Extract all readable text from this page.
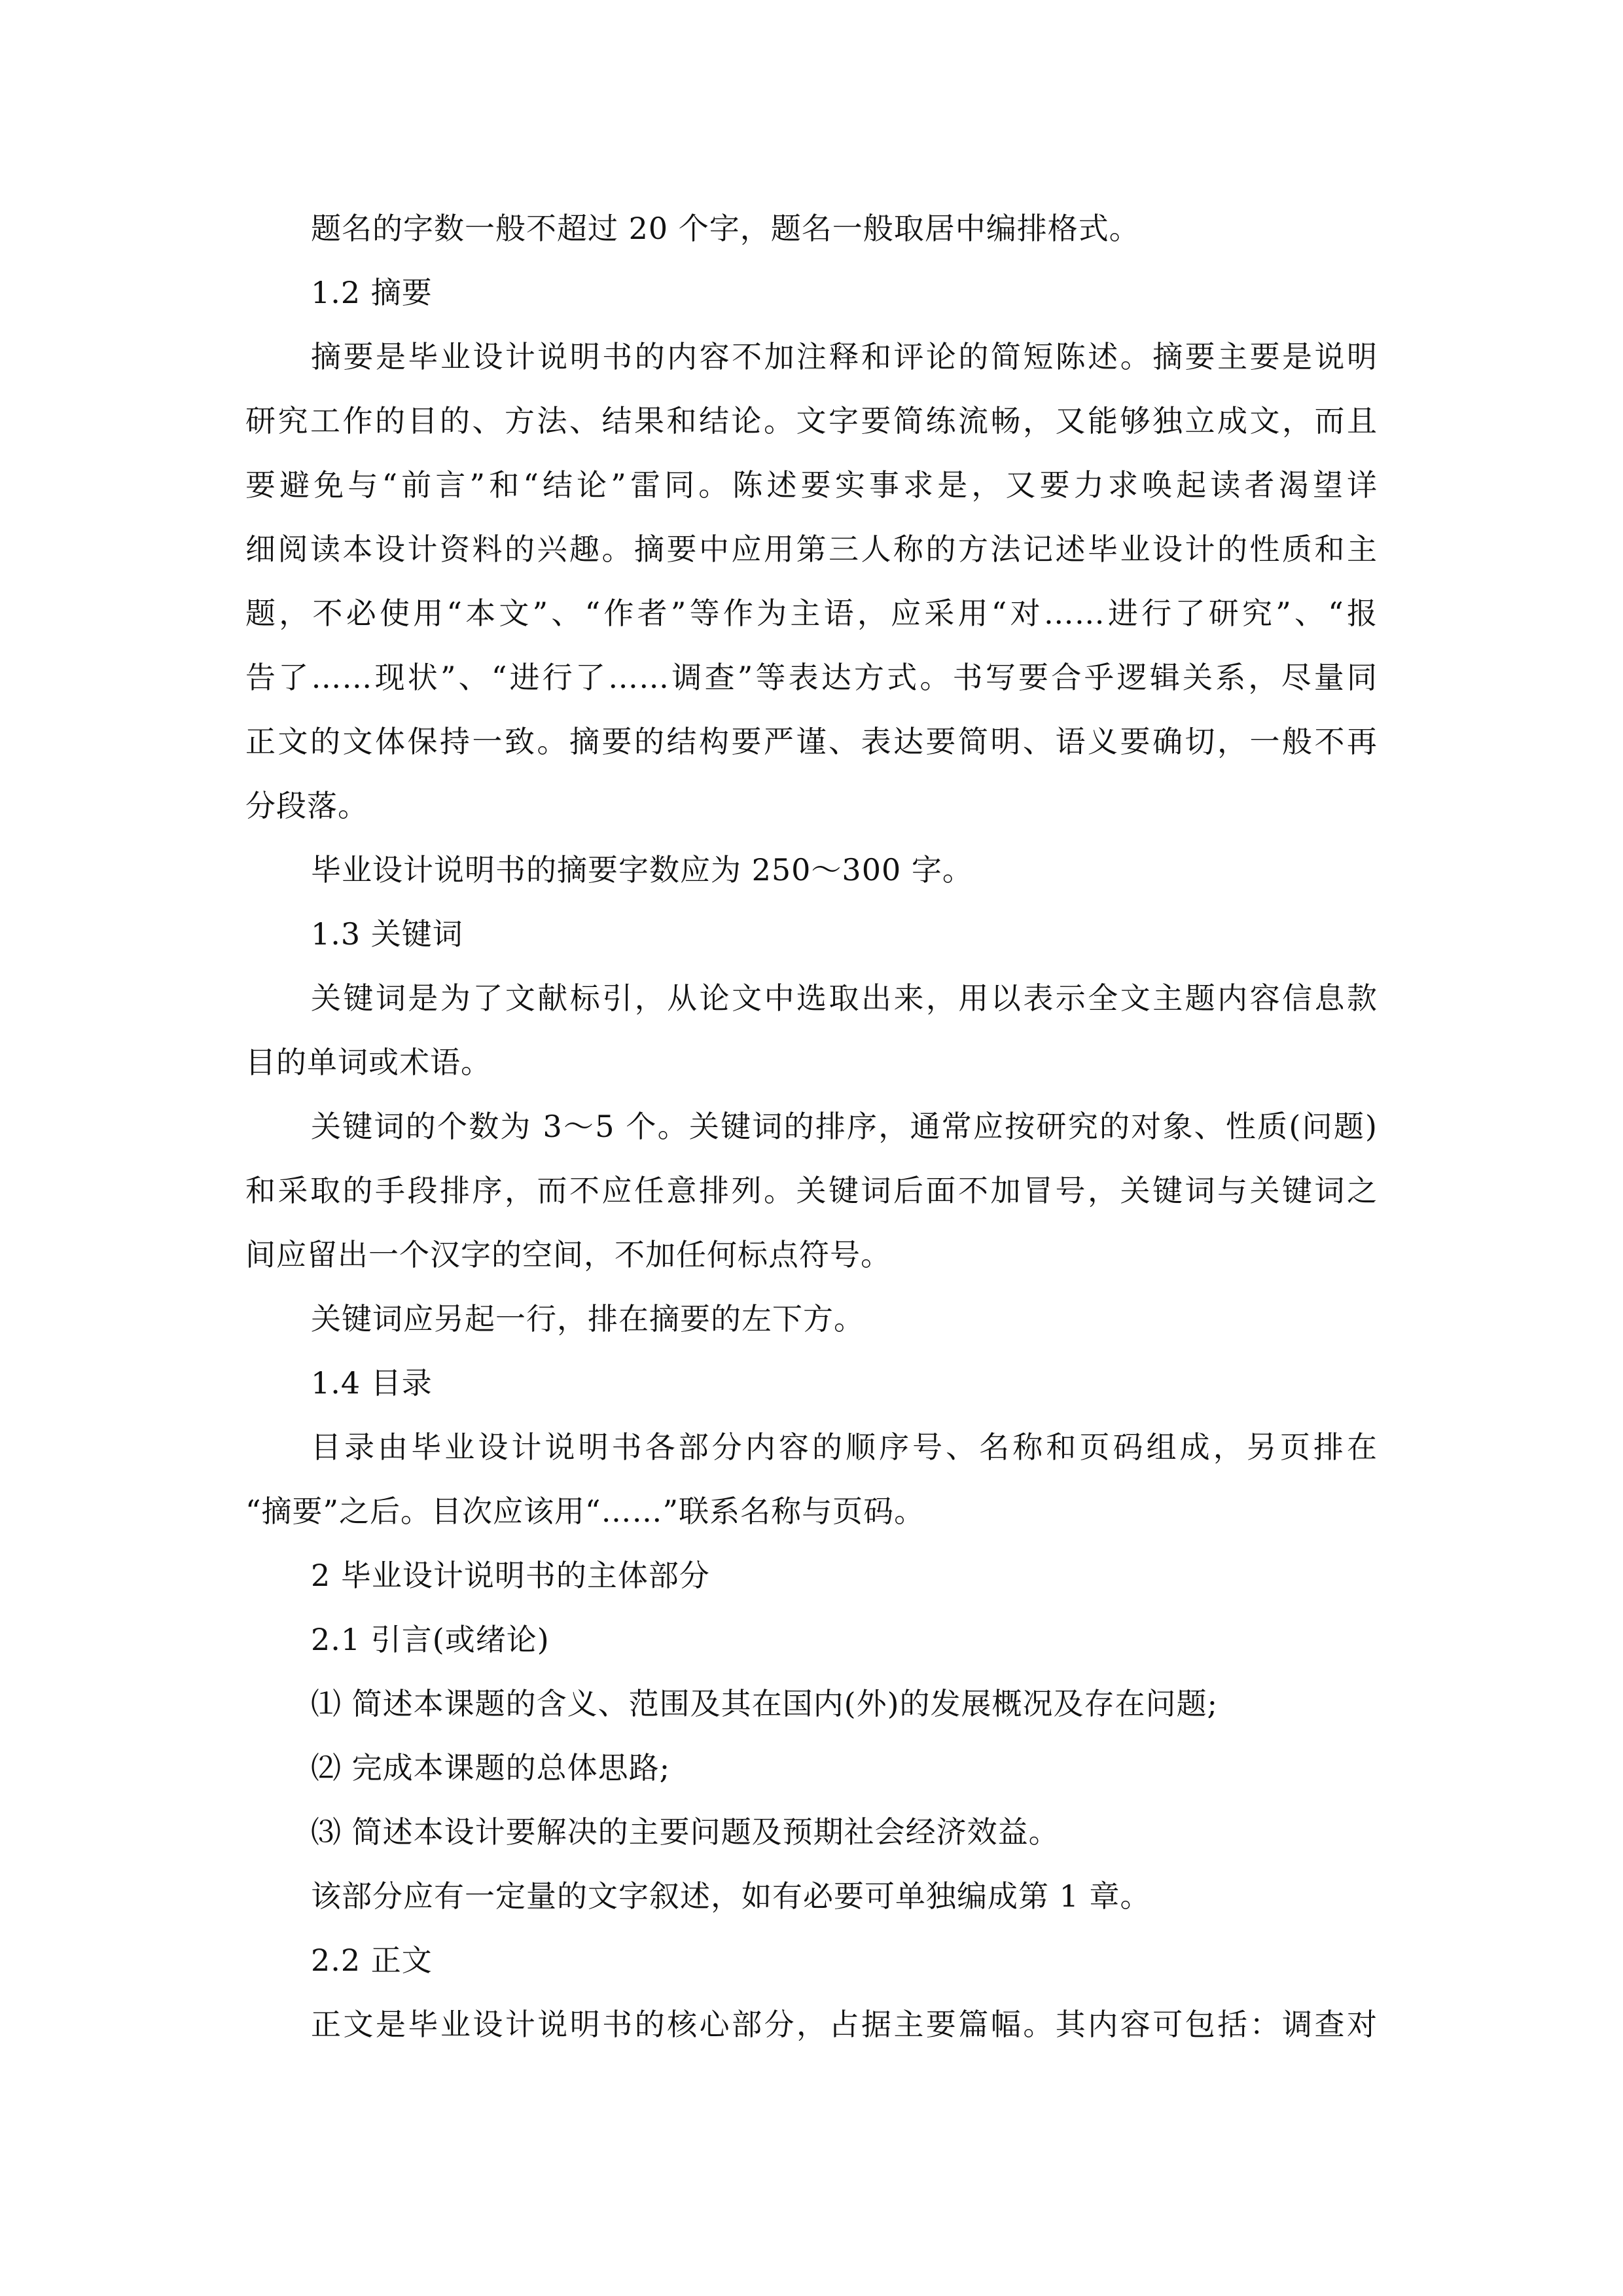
题名的字数一般不超过 20 个字，题名一般取居中编排格式。
1.2 摘要
摘要是毕业设计说明书的内容不加注释和评论的简短陈述。摘要主要是说明
研究工作的目的、方法、结果和结论。文字要简练流畅，又能够独立成文，而且
要避免与“前言”和“结论”雷同。陈述要实事求是，又要力求唤起读者渴望详
细阅读本设计资料的兴趣。摘要中应用第三人称的方法记述毕业设计的性质和主
题，不必使用“本文”、“作者”等作为主语，应采用“对……进行了研究”、“报
告了……现状”、“进行了……调查”等表达方式。书写要合乎逻辑关系，尽量同
正文的文体保持一致。摘要的结构要严谨、表达要简明、语义要确切，一般不再
分段落。
毕业设计说明书的摘要字数应为 250～300 字。
1.3 关键词
关键词是为了文献标引，从论文中选取出来，用以表示全文主题内容信息款
目的单词或术语。
关键词的个数为 3～5 个。关键词的排序，通常应按研究的对象、性质(问题)
和采取的手段排序，而不应任意排列。关键词后面不加冒号，关键词与关键词之
间应留出一个汉字的空间，不加任何标点符号。
关键词应另起一行，排在摘要的左下方。
1.4 目录
目录由毕业设计说明书各部分内容的顺序号、名称和页码组成，另页排在
“摘要”之后。目次应该用“……”联系名称与页码。
2 毕业设计说明书的主体部分
2.1 引言(或绪论)
⑴ 简述本课题的含义、范围及其在国内(外)的发展概况及存在问题;
⑵ 完成本课题的总体思路;
⑶ 简述本设计要解决的主要问题及预期社会经济效益。
该部分应有一定量的文字叙述，如有必要可单独编成第 1 章。
2.2 正文
正文是毕业设计说明书的核心部分，占据主要篇幅。其内容可包括：调查对
